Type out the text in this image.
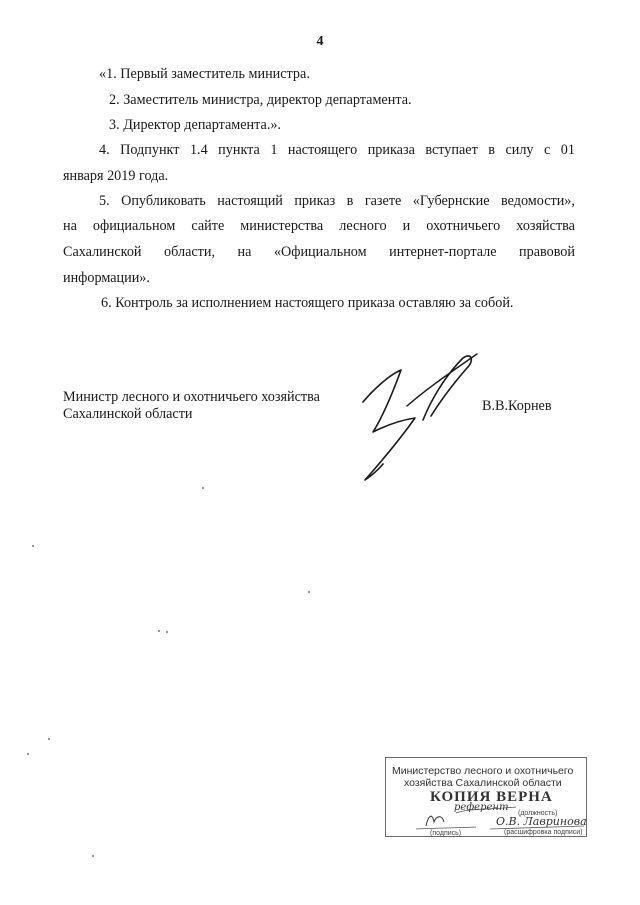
4
«1. Первый заместитель министра.
2. Заместитель министра, директор департамента.
3. Директор департамента.».
4. Подпункт 1.4 пункта 1 настоящего приказа вступает в силу с 01
января 2019 года.
5. Опубликовать настоящий приказ в газете «Губернские ведомости»,
на официальном сайте министерства лесного и охотничьего хозяйства
Сахалинской области, на «Официальном интернет-портале правовой
информации».
6. Контроль за исполнением настоящего приказа оставляю за собой.
Министр лесного и охотничьего хозяйства
Сахалинской области	В.В.Корнев
Министерство лесного и охотничьего
хозяйства Сахалинской области
КОПИЯ ВЕРНА
референт
(должность)
О.В. Лавринова
(подпись)	(расшифровка подписи)
